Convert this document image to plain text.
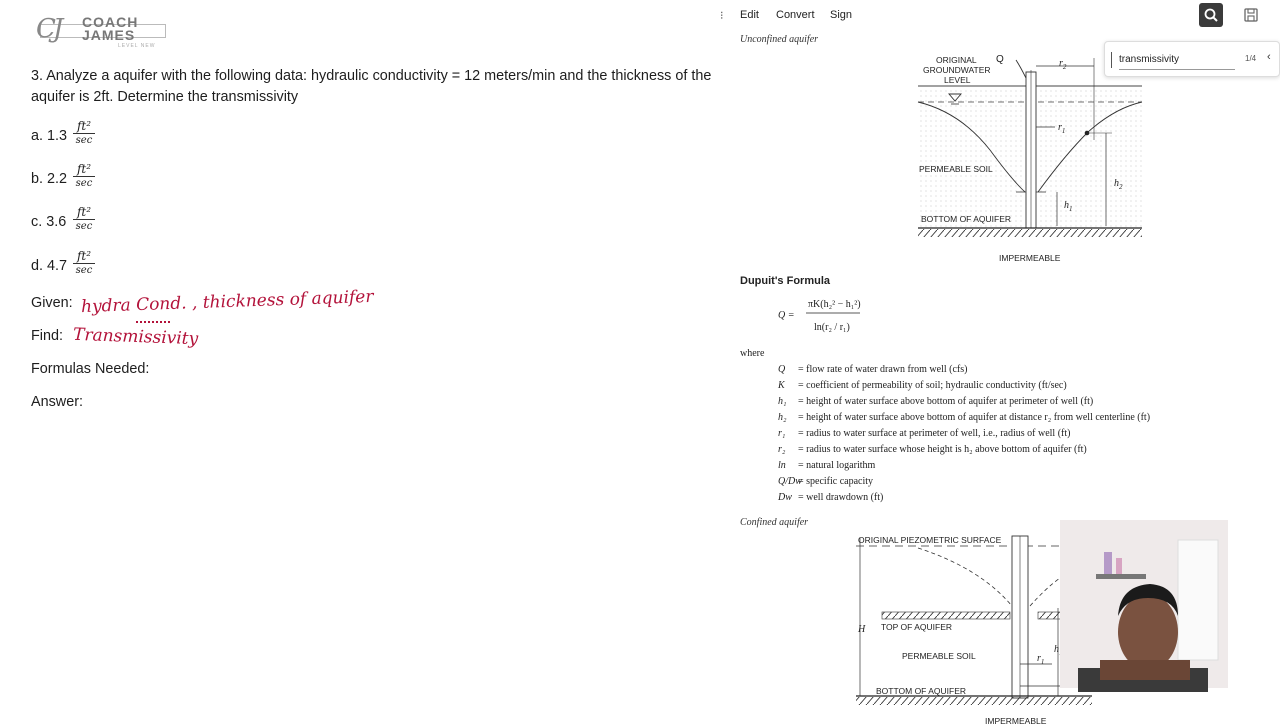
CJ COACH
JAMES
LEVEL NEW
3. Analyze a aquifer with the following data: hydraulic conductivity = 12 meters/min and the thickness of the aquifer is 2ft. Determine the transmissivity
a. 1.3
ft²
sec
b. 2.2
ft²
sec
c. 3.6
ft²
sec
d. 4.7
ft²
sec
Given: hydra Cond. , thickness of aquifer
Find: Transmissivity
Formulas Needed:
Answer:
⁝ Edit Convert Sign
Unconfined aquifer
ORIGINAL
GROUNDWATER
LEVEL
Q	$r_2$
$r_1$
$h_2$
$h_1$
PERMEABLE SOIL
BOTTOM OF AQUIFER
IMPERMEABLE
transmissivity
1/4 ‹
Dupuit's Formula
Q =
πK(h₂² − h₁²)
ln(r₂ / r₁)
where
Q = flow rate of water drawn from well (cfs)
K = coefficient of permeability of soil; hydraulic conductivity (ft/sec)
h₁ = height of water surface above bottom of aquifer at perimeter of well (ft)
h₂ = height of water surface above bottom of aquifer at distance r₂ from well centerline (ft)
r₁ = radius to water surface at perimeter of well, i.e., radius of well (ft)
r₂ = radius to water surface whose height is h₂ above bottom of aquifer (ft)
ln = natural logarithm
Q/Dw= specific capacity
Dw = well drawdown (ft)
Confined aquifer
ORIGINAL PIEZOMETRIC SURFACE
TOP OF AQUIFER
PERMEABLE SOIL
BOTTOM OF AQUIFER
IMPERMEABLE
H
h
$r_1$
